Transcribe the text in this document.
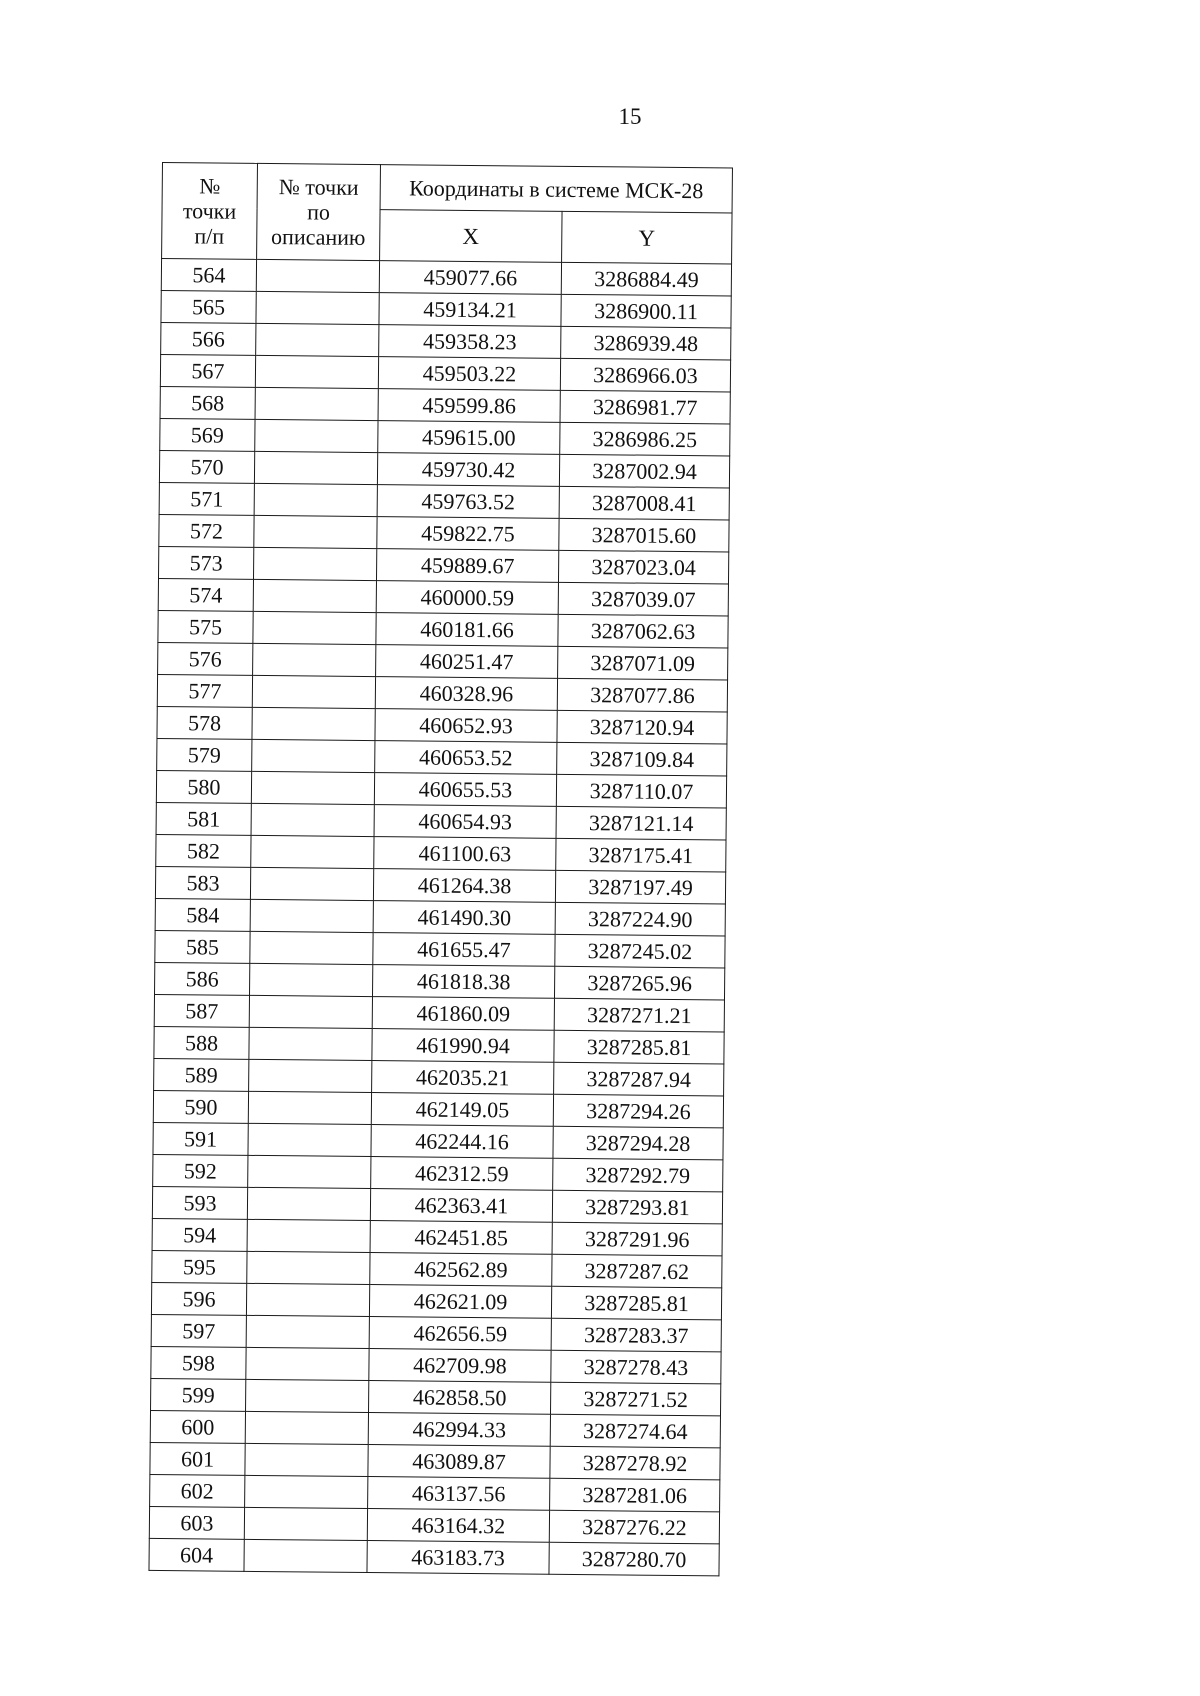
15
№
точки
п/п	№ точки
по
описанию	Координаты в системе МСК-28	
		X	Y
564		459077.66	3286884.49
565		459134.21	3286900.11
566		459358.23	3286939.48
567		459503.22	3286966.03
568		459599.86	3286981.77
569		459615.00	3286986.25
570		459730.42	3287002.94
571		459763.52	3287008.41
572		459822.75	3287015.60
573		459889.67	3287023.04
574		460000.59	3287039.07
575		460181.66	3287062.63
576		460251.47	3287071.09
577		460328.96	3287077.86
578		460652.93	3287120.94
579		460653.52	3287109.84
580		460655.53	3287110.07
581		460654.93	3287121.14
582		461100.63	3287175.41
583		461264.38	3287197.49
584		461490.30	3287224.90
585		461655.47	3287245.02
586		461818.38	3287265.96
587		461860.09	3287271.21
588		461990.94	3287285.81
589		462035.21	3287287.94
590		462149.05	3287294.26
591		462244.16	3287294.28
592		462312.59	3287292.79
593		462363.41	3287293.81
594		462451.85	3287291.96
595		462562.89	3287287.62
596		462621.09	3287285.81
597		462656.59	3287283.37
598		462709.98	3287278.43
599		462858.50	3287271.52
600		462994.33	3287274.64
601		463089.87	3287278.92
602		463137.56	3287281.06
603		463164.32	3287276.22
604		463183.73	3287280.70
